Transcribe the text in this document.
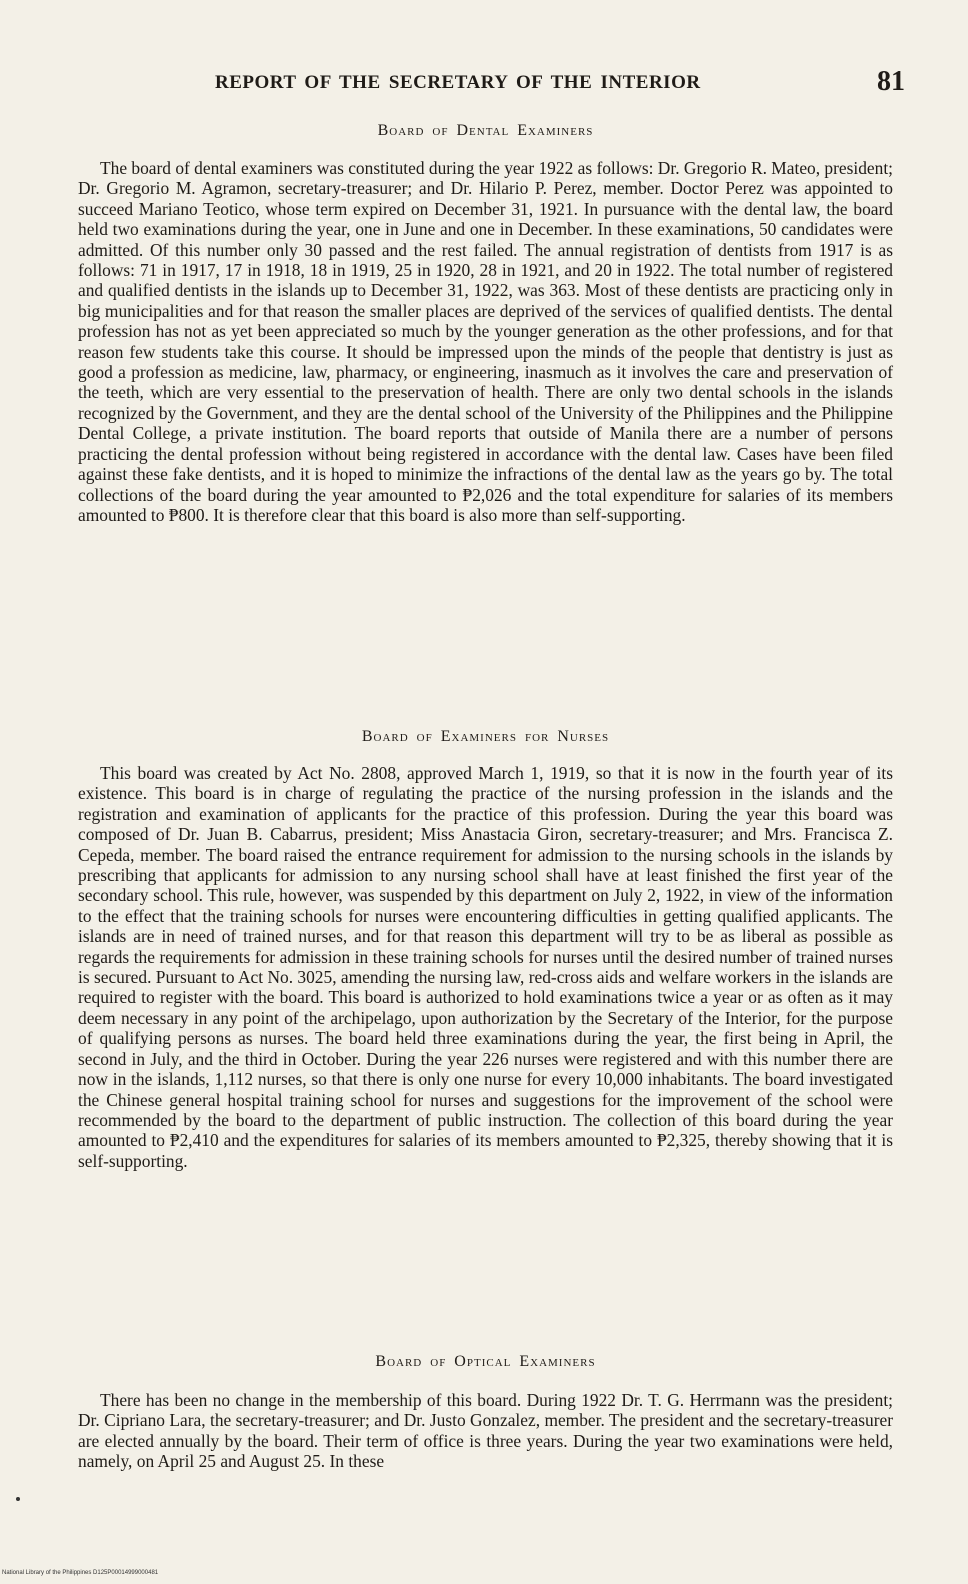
REPORT OF THE SECRETARY OF THE INTERIOR	81
Board of Dental Examiners

The board of dental examiners was constituted during the year 1922 as follows: Dr. Gregorio R. Mateo, president; Dr. Gregorio M. Agramon, secretary-treasurer; and Dr. Hilario P. Perez, member. Doctor Perez was appointed to succeed Mariano Teotico, whose term expired on December 31, 1921. In pursuance with the dental law, the board held two examinations during the year, one in June and one in December. In these examinations, 50 candidates were admitted. Of this number only 30 passed and the rest failed. The annual registration of dentists from 1917 is as follows: 71 in 1917, 17 in 1918, 18 in 1919, 25 in 1920, 28 in 1921, and 20 in 1922. The total number of registered and qualified dentists in the islands up to December 31, 1922, was 363. Most of these dentists are practicing only in big municipalities and for that reason the smaller places are deprived of the services of qualified dentists. The dental profession has not as yet been appreciated so much by the younger generation as the other professions, and for that reason few students take this course. It should be impressed upon the minds of the people that dentistry is just as good a profession as medicine, law, pharmacy, or engineering, inasmuch as it involves the care and preservation of the teeth, which are very essential to the preservation of health. There are only two dental schools in the islands recognized by the Government, and they are the dental school of the University of the Philippines and the Philippine Dental College, a private institution. The board reports that outside of Manila there are a number of persons practicing the dental profession without being registered in accordance with the dental law. Cases have been filed against these fake dentists, and it is hoped to minimize the infractions of the dental law as the years go by. The total collections of the board during the year amounted to ₱2,026 and the total expenditure for salaries of its members amounted to ₱800. It is therefore clear that this board is also more than self-supporting.

Board of Examiners for Nurses

This board was created by Act No. 2808, approved March 1, 1919, so that it is now in the fourth year of its existence. This board is in charge of regulating the practice of the nursing profession in the islands and the registration and examination of applicants for the practice of this profession. During the year this board was composed of Dr. Juan B. Cabarrus, president; Miss Anastacia Giron, secretary-treasurer; and Mrs. Francisca Z. Cepeda, member. The board raised the entrance requirement for admission to the nursing schools in the islands by prescribing that applicants for admission to any nursing school shall have at least finished the first year of the secondary school. This rule, however, was suspended by this department on July 2, 1922, in view of the information to the effect that the training schools for nurses were encountering difficulties in getting qualified applicants. The islands are in need of trained nurses, and for that reason this department will try to be as liberal as possible as regards the requirements for admission in these training schools for nurses until the desired number of trained nurses is secured. Pursuant to Act No. 3025, amending the nursing law, red-cross aids and welfare workers in the islands are required to register with the board. This board is authorized to hold examinations twice a year or as often as it may deem necessary in any point of the archipelago, upon authorization by the Secretary of the Interior, for the purpose of qualifying persons as nurses. The board held three examinations during the year, the first being in April, the second in July, and the third in October. During the year 226 nurses were registered and with this number there are now in the islands, 1,112 nurses, so that there is only one nurse for every 10,000 inhabitants. The board investigated the Chinese general hospital training school for nurses and suggestions for the improvement of the school were recommended by the board to the department of public instruction. The collection of this board during the year amounted to ₱2,410 and the expenditures for salaries of its members amounted to ₱2,325, thereby showing that it is self-supporting.

Board of Optical Examiners

There has been no change in the membership of this board. During 1922 Dr. T. G. Herrmann was the president; Dr. Cipriano Lara, the secretary-treasurer; and Dr. Justo Gonzalez, member. The president and the secretary-treasurer are elected annually by the board. Their term of office is three years. During the year two examinations were held, namely, on April 25 and August 25. In these

National Library of the Philippines D125P00014999000481
